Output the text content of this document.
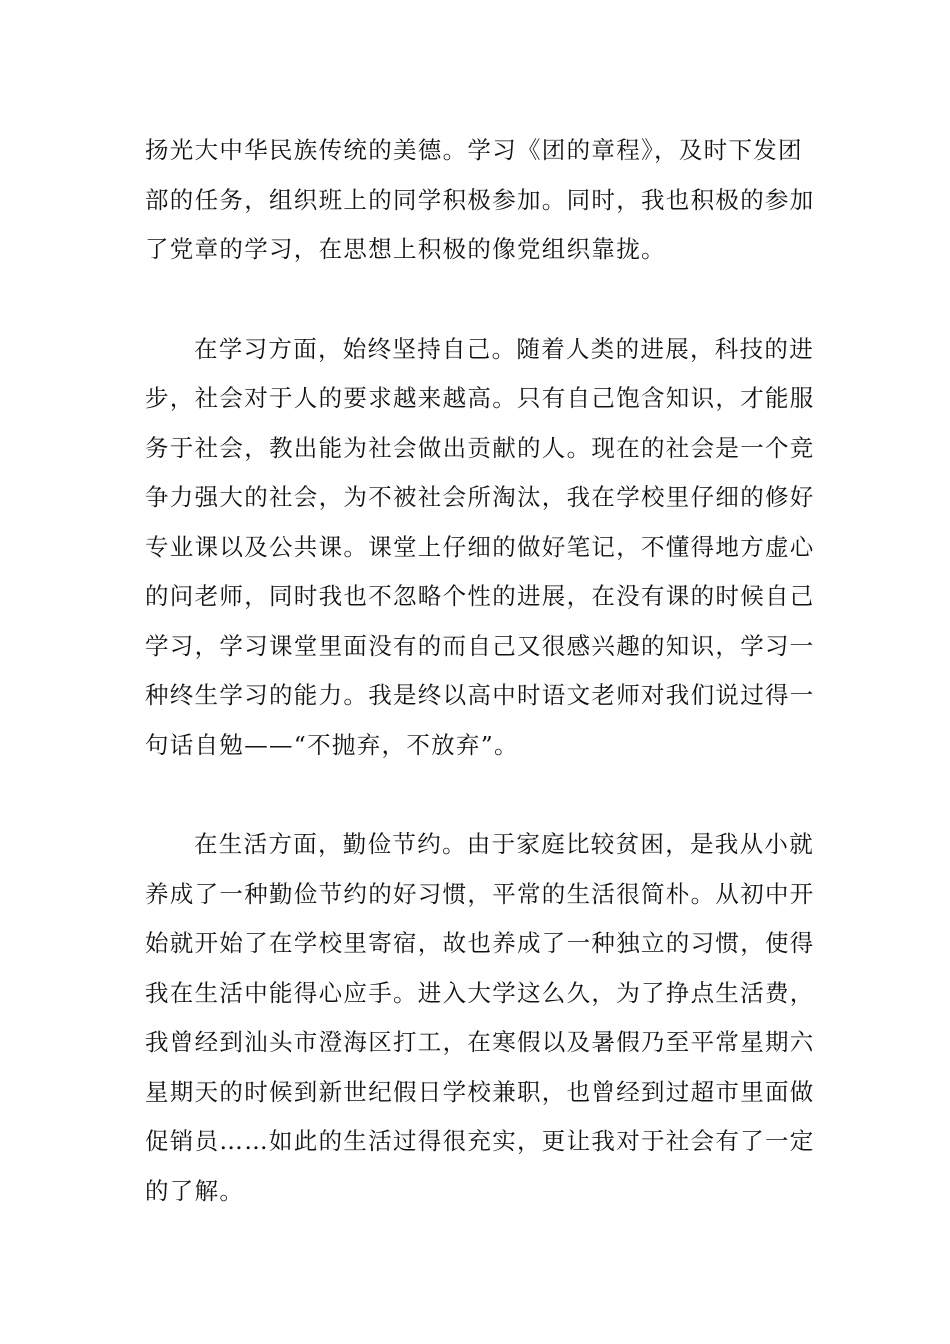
扬光大中华民族传统的美德。学习《团的章程》，及时下发团
部的任务，组织班上的同学积极参加。同时，我也积极的参加
了党章的学习，在思想上积极的像党组织靠拢。
在学习方面，始终坚持自己。随着人类的进展，科技的进
步，社会对于人的要求越来越高。只有自己饱含知识，才能服
务于社会，教出能为社会做出贡献的人。现在的社会是一个竞
争力强大的社会，为不被社会所淘汰，我在学校里仔细的修好
专业课以及公共课。课堂上仔细的做好笔记，不懂得地方虚心
的问老师，同时我也不忽略个性的进展，在没有课的时候自己
学习，学习课堂里面没有的而自己又很感兴趣的知识，学习一
种终生学习的能力。我是终以高中时语文老师对我们说过得一
句话自勉——“不抛弃，不放弃”。
在生活方面，勤俭节约。由于家庭比较贫困，是我从小就
养成了一种勤俭节约的好习惯，平常的生活很简朴。从初中开
始就开始了在学校里寄宿，故也养成了一种独立的习惯，使得
我在生活中能得心应手。进入大学这么久，为了挣点生活费，
我曾经到汕头市澄海区打工，在寒假以及暑假乃至平常星期六
星期天的时候到新世纪假日学校兼职，也曾经到过超市里面做
促销员……如此的生活过得很充实，更让我对于社会有了一定
的了解。
